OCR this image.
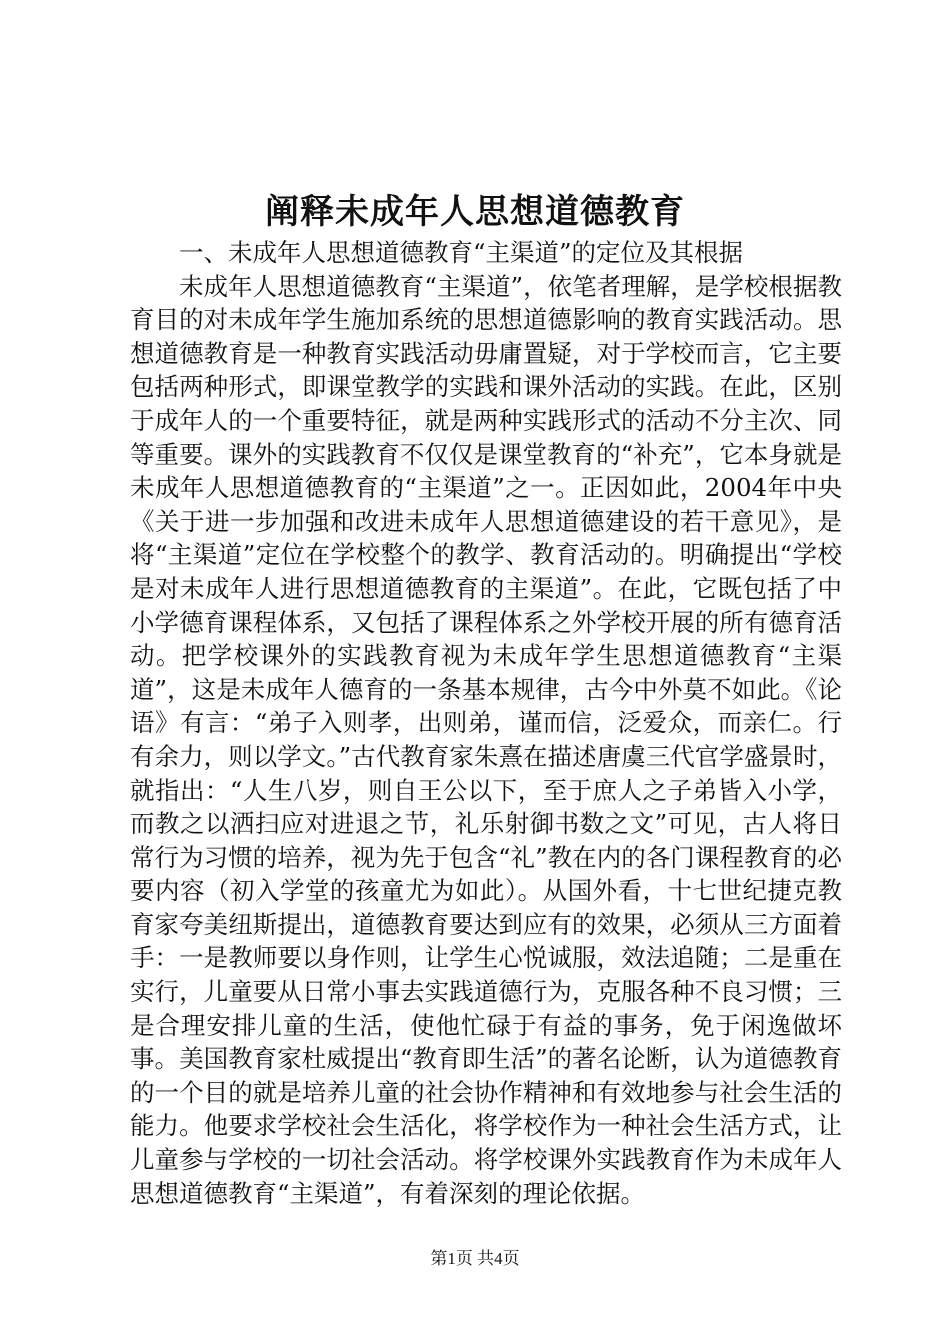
阐释未成年人思想道德教育

一、未成年人思想道德教育“主渠道”的定位及其根据

未成年人思想道德教育“主渠道”，依笔者理解，是学校根据教育目的对未成年学生施加系统的思想道德影响的教育实践活动。思想道德教育是一种教育实践活动毋庸置疑，对于学校而言，它主要包括两种形式，即课堂教学的实践和课外活动的实践。在此，区别于成年人的一个重要特征，就是两种实践形式的活动不分主次、同等重要。课外的实践教育不仅仅是课堂教育的“补充”，它本身就是未成年人思想道德教育的“主渠道”之一。正因如此，2004年中央《关于进一步加强和改进未成年人思想道德建设的若干意见》，是将“主渠道”定位在学校整个的教学、教育活动的。明确提出“学校是对未成年人进行思想道德教育的主渠道”。在此，它既包括了中小学德育课程体系，又包括了课程体系之外学校开展的所有德育活动。把学校课外的实践教育视为未成年学生思想道德教育“主渠道”，这是未成年人德育的一条基本规律，古今中外莫不如此。《论语》有言：“弟子入则孝，出则弟，谨而信，泛爱众，而亲仁。行有余力，则以学文。”古代教育家朱熹在描述唐虞三代官学盛景时，就指出：“人生八岁，则自王公以下，至于庶人之子弟皆入小学，而教之以洒扫应对进退之节，礼乐射御书数之文”可见，古人将日常行为习惯的培养，视为先于包含“礼”教在内的各门课程教育的必要内容（初入学堂的孩童尤为如此）。从国外看，十七世纪捷克教育家夸美纽斯提出，道德教育要达到应有的效果，必须从三方面着手：一是教师要以身作则，让学生心悦诚服，效法追随；二是重在实行，儿童要从日常小事去实践道德行为，克服各种不良习惯；三是合理安排儿童的生活，使他忙碌于有益的事务，免于闲逸做坏事。美国教育家杜威提出“教育即生活”的著名论断，认为道德教育的一个目的就是培养儿童的社会协作精神和有效地参与社会生活的能力。他要求学校社会生活化，将学校作为一种社会生活方式，让儿童参与学校的一切社会活动。将学校课外实践教育作为未成年人思想道德教育“主渠道”，有着深刻的理论依据。

第1页 共4页
